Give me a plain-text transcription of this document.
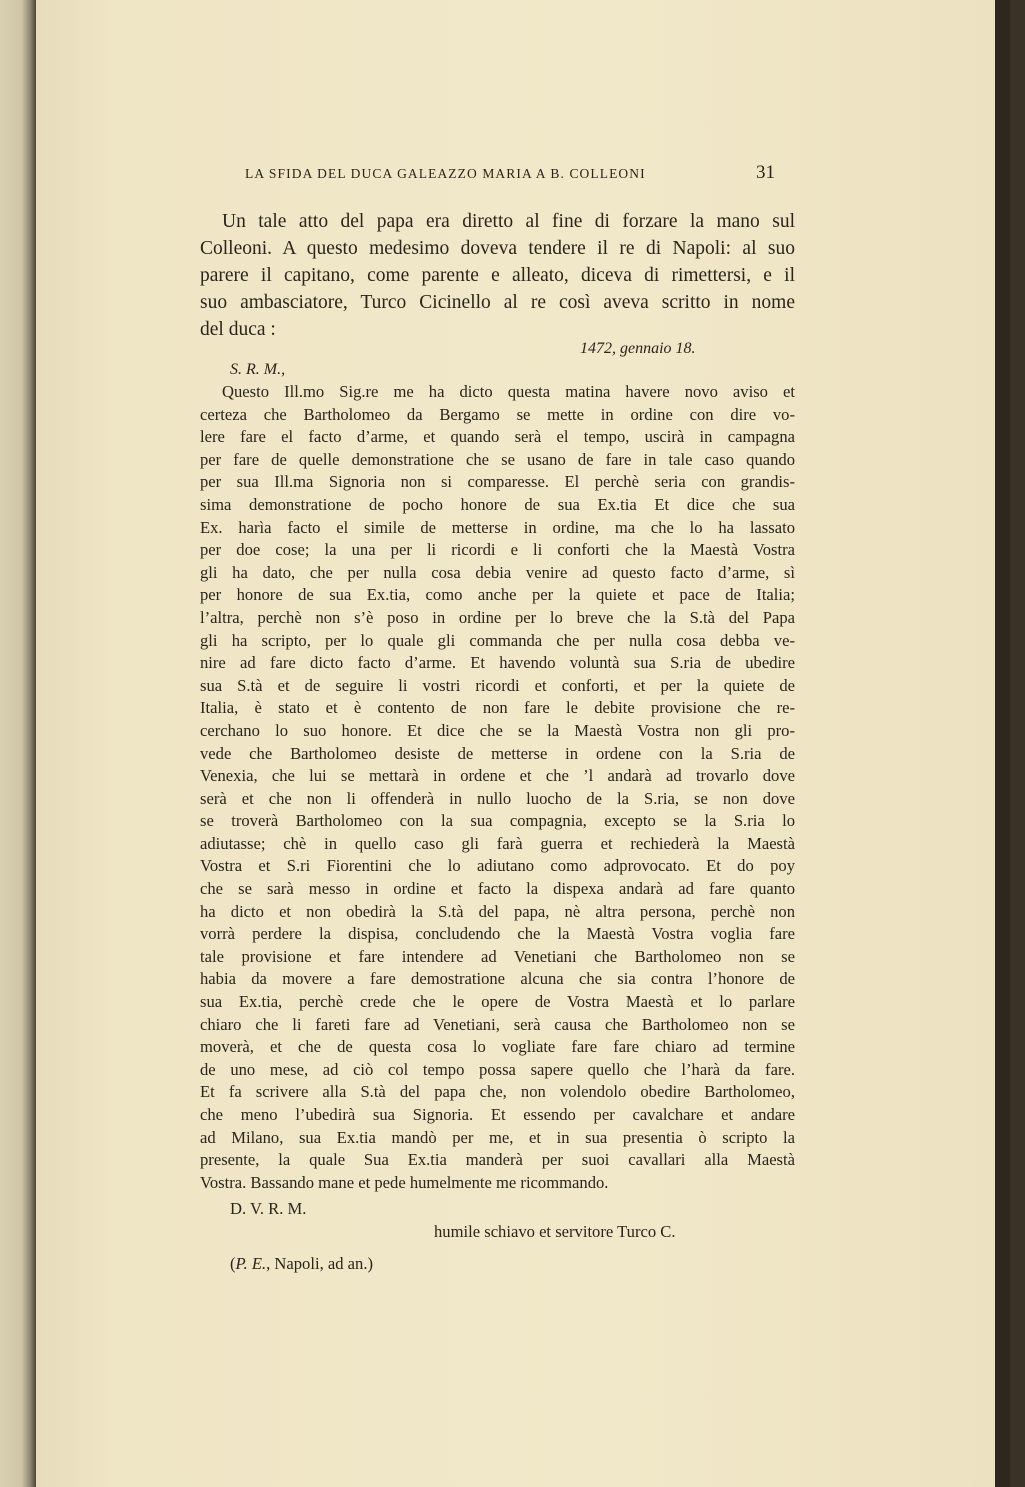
LA SFIDA DEL DUCA GALEAZZO MARIA A B. COLLEONI	31
Un tale atto del papa era diretto al fine di forzare la mano sul
Colleoni. A questo medesimo doveva tendere il re di Napoli: al suo
parere il capitano, come parente e alleato, diceva di rimettersi, e il
suo ambasciatore, Turco Cicinello al re così aveva scritto in nome
del duca :
1472, gennaio 18.
S. R. M.,
Questo Ill.mo Sig.re me ha dicto questa matina havere novo aviso et
certeza che Bartholomeo da Bergamo se mette in ordine con dire vo-
lere fare el facto d’arme, et quando serà el tempo, uscirà in campagna
per fare de quelle demonstratione che se usano de fare in tale caso quando
per sua Ill.ma Signoria non si comparesse. El perchè seria con grandis-
sima demonstratione de pocho honore de sua Ex.tia Et dice che sua
Ex. harìa facto el simile de metterse in ordine, ma che lo ha lassato
per doe cose; la una per li ricordi e li conforti che la Maestà Vostra
gli ha dato, che per nulla cosa debia venire ad questo facto d’arme, sì
per honore de sua Ex.tia, como anche per la quiete et pace de Italia;
l’altra, perchè non s’è poso in ordine per lo breve che la S.tà del Papa
gli ha scripto, per lo quale gli commanda che per nulla cosa debba ve-
nire ad fare dicto facto d’arme. Et havendo voluntà sua S.ria de ubedire
sua S.tà et de seguire li vostri ricordi et conforti, et per la quiete de
Italia, è stato et è contento de non fare le debite provisione che re-
cerchano lo suo honore. Et dice che se la Maestà Vostra non gli pro-
vede che Bartholomeo desiste de metterse in ordene con la S.ria de
Venexia, che lui se mettarà in ordene et che ’l andarà ad trovarlo dove
serà et che non li offenderà in nullo luocho de la S.ria, se non dove
se troverà Bartholomeo con la sua compagnia, excepto se la S.ria lo
adiutasse; chè in quello caso gli farà guerra et rechiederà la Maestà
Vostra et S.ri Fiorentini che lo adiutano como adprovocato. Et do poy
che se sarà messo in ordine et facto la dispexa andarà ad fare quanto
ha dicto et non obedirà la S.tà del papa, nè altra persona, perchè non
vorrà perdere la dispisa, concludendo che la Maestà Vostra voglia fare
tale provisione et fare intendere ad Venetiani che Bartholomeo non se
habia da movere a fare demostratione alcuna che sia contra l’honore de
sua Ex.tia, perchè crede che le opere de Vostra Maestà et lo parlare
chiaro che li fareti fare ad Venetiani, serà causa che Bartholomeo non se
moverà, et che de questa cosa lo vogliate fare fare chiaro ad termine
de uno mese, ad ciò col tempo possa sapere quello che l’harà da fare.
Et fa scrivere alla S.tà del papa che, non volendolo obedire Bartholomeo,
che meno l’ubedirà sua Signoria. Et essendo per cavalchare et andare
ad Milano, sua Ex.tia mandò per me, et in sua presentia ò scripto la
presente, la quale Sua Ex.tia manderà per suoi cavallari alla Maestà
Vostra. Bassando mane et pede humelmente me ricommando.
D. V. R. M.
humile schiavo et servitore Turco C.
(P. E., Napoli, ad an.)
